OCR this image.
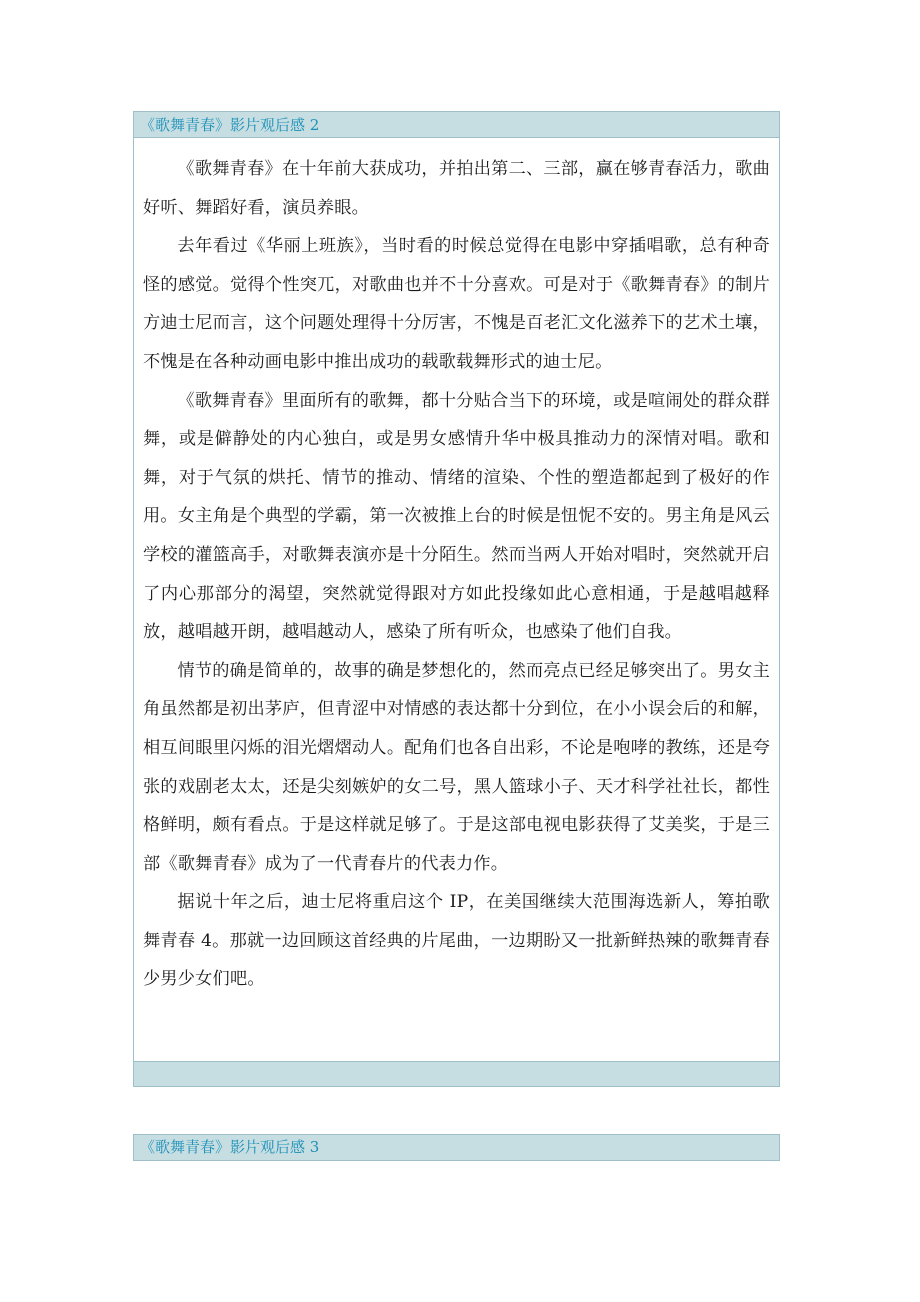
《歌舞青春》影片观后感 2

《歌舞青春》在十年前大获成功，并拍出第二、三部，赢在够青春活力，歌曲好听、舞蹈好看，演员养眼。

去年看过《华丽上班族》，当时看的时候总觉得在电影中穿插唱歌，总有种奇怪的感觉。觉得个性突兀，对歌曲也并不十分喜欢。可是对于《歌舞青春》的制片方迪士尼而言，这个问题处理得十分厉害，不愧是百老汇文化滋养下的艺术土壤，不愧是在各种动画电影中推出成功的载歌载舞形式的迪士尼。

《歌舞青春》里面所有的歌舞，都十分贴合当下的环境，或是喧闹处的群众群舞，或是僻静处的内心独白，或是男女感情升华中极具推动力的深情对唱。歌和舞，对于气氛的烘托、情节的推动、情绪的渲染、个性的塑造都起到了极好的作用。女主角是个典型的学霸，第一次被推上台的时候是忸怩不安的。男主角是风云学校的灌篮高手，对歌舞表演亦是十分陌生。然而当两人开始对唱时，突然就开启了内心那部分的渴望，突然就觉得跟对方如此投缘如此心意相通，于是越唱越释放，越唱越开朗，越唱越动人，感染了所有听众，也感染了他们自我。

情节的确是简单的，故事的确是梦想化的，然而亮点已经足够突出了。男女主角虽然都是初出茅庐，但青涩中对情感的表达都十分到位，在小小误会后的和解，相互间眼里闪烁的泪光熠熠动人。配角们也各自出彩，不论是咆哮的教练，还是夸张的戏剧老太太，还是尖刻嫉妒的女二号，黑人篮球小子、天才科学社社长，都性格鲜明，颇有看点。于是这样就足够了。于是这部电视电影获得了艾美奖，于是三部《歌舞青春》成为了一代青春片的代表力作。

据说十年之后，迪士尼将重启这个 IP，在美国继续大范围海选新人，筹拍歌舞青春 4。那就一边回顾这首经典的片尾曲，一边期盼又一批新鲜热辣的歌舞青春少男少女们吧。

《歌舞青春》影片观后感 3
